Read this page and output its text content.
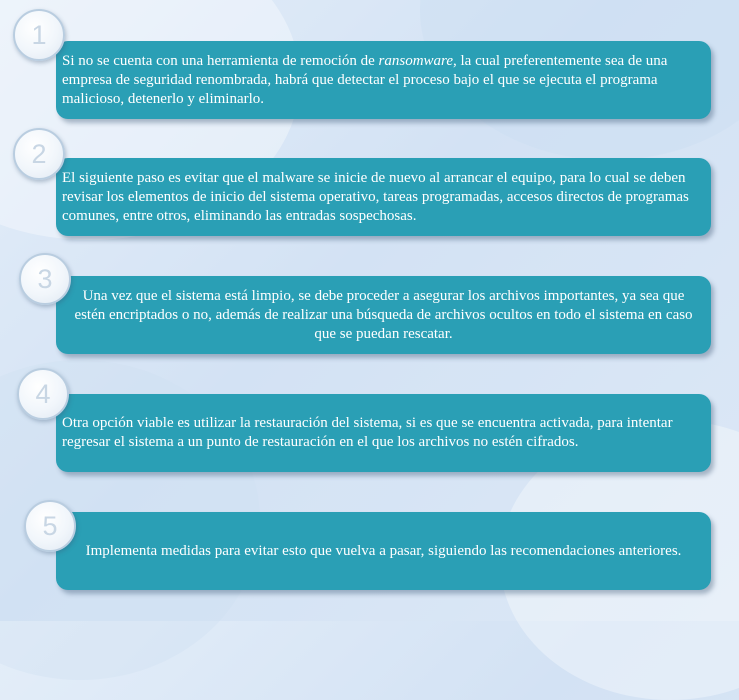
Si no se cuenta con una herramienta de remoción de ransomware, la cual preferentemente sea de una empresa de seguridad renombrada, habrá que detectar el proceso bajo el que se ejecuta el programa malicioso, detenerlo y eliminarlo.
1
El siguiente paso es evitar que el malware se inicie de nuevo al arrancar el equipo, para lo cual se deben revisar los elementos de inicio del sistema operativo, tareas programadas, accesos directos de programas comunes, entre otros, eliminando las entradas sospechosas.
2
Una vez que el sistema está limpio, se debe proceder a asegurar los archivos importantes, ya sea que estén encriptados o no, además de realizar una búsqueda de archivos ocultos en todo el sistema en caso que se puedan rescatar.
3
Otra opción viable es utilizar la restauración del sistema, si es que se encuentra activada, para intentar regresar el sistema a un punto de restauración en el que los archivos no estén cifrados.
4
Implementa medidas para evitar esto que vuelva a pasar, siguiendo las recomendaciones anteriores.
5
